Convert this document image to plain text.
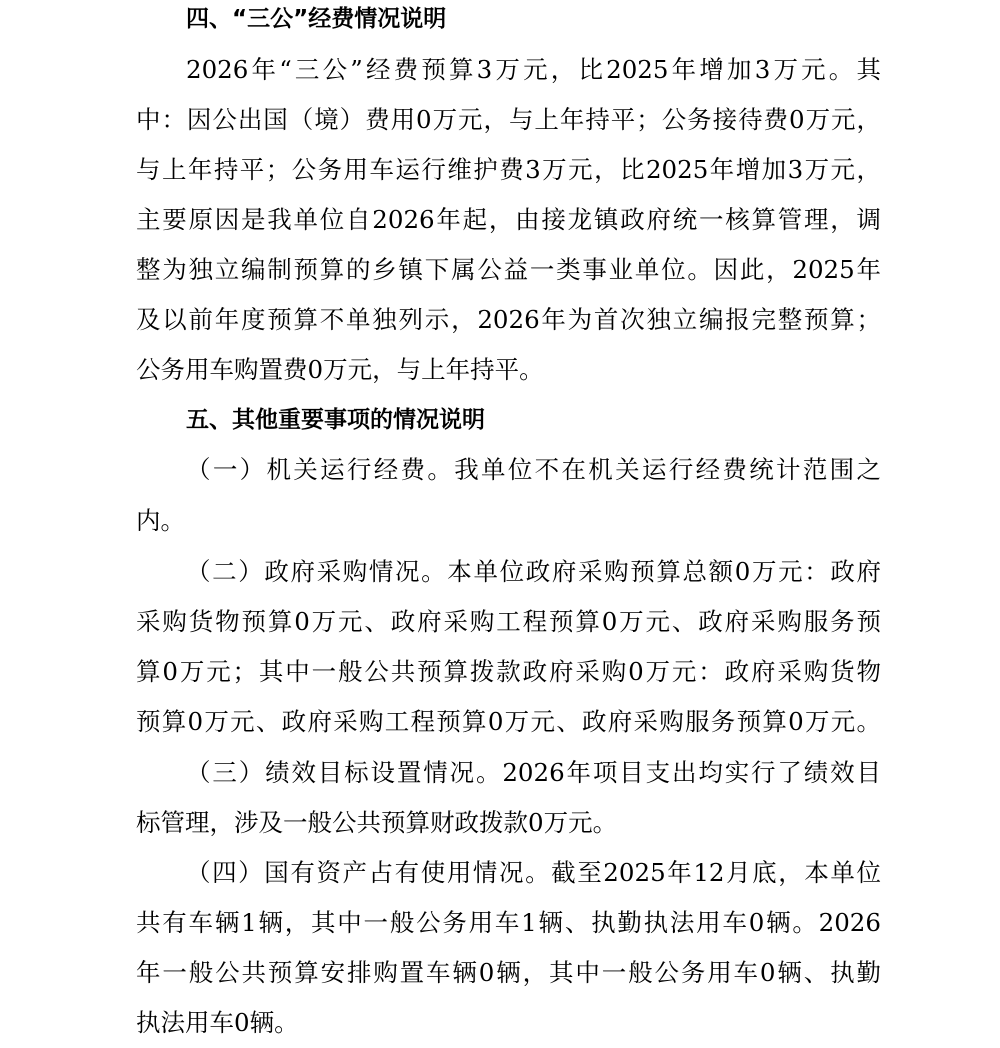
四、“三公”经费情况说明
2026年“三公”经费预算3万元，比2025年增加3万元。其
中：因公出国（境）费用0万元，与上年持平；公务接待费0万元，
与上年持平；公务用车运行维护费3万元，比2025年增加3万元，
主要原因是我单位自2026年起，由接龙镇政府统一核算管理，调
整为独立编制预算的乡镇下属公益一类事业单位。因此，2025年
及以前年度预算不单独列示，2026年为首次独立编报完整预算；
公务用车购置费0万元，与上年持平。
五、其他重要事项的情况说明
（一）机关运行经费。我单位不在机关运行经费统计范围之
内。
（二）政府采购情况。本单位政府采购预算总额0万元：政府
采购货物预算0万元、政府采购工程预算0万元、政府采购服务预
算0万元；其中一般公共预算拨款政府采购0万元：政府采购货物
预算0万元、政府采购工程预算0万元、政府采购服务预算0万元。
（三）绩效目标设置情况。2026年项目支出均实行了绩效目
标管理，涉及一般公共预算财政拨款0万元。
（四）国有资产占有使用情况。截至2025年12月底，本单位
共有车辆1辆，其中一般公务用车1辆、执勤执法用车0辆。2026
年一般公共预算安排购置车辆0辆，其中一般公务用车0辆、执勤
执法用车0辆。
